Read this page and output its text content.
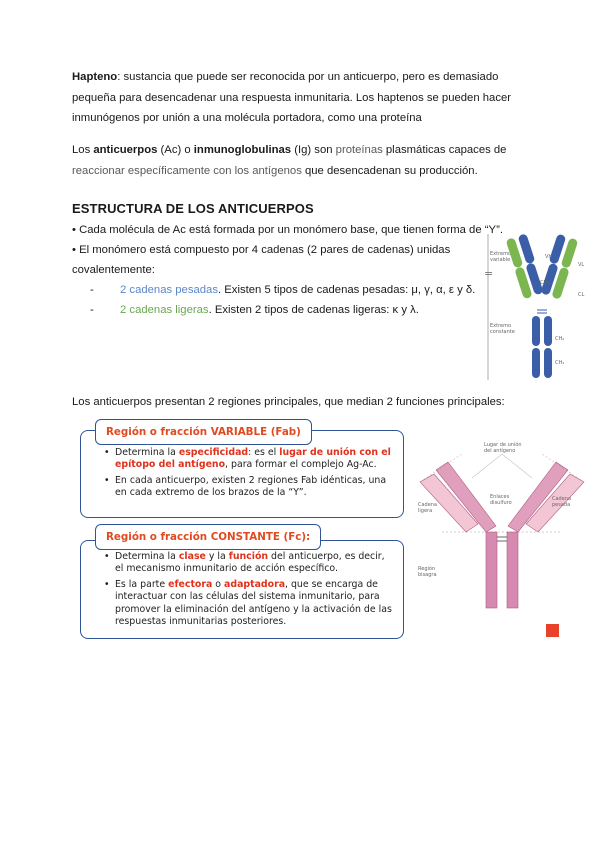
Hapteno: sustancia que puede ser reconocida por un anticuerpo, pero es demasiado
pequeña para desencadenar una respuesta inmunitaria. Los haptenos se pueden hacer
inmunógenos por unión a una molécula portadora, como una proteína

Los anticuerpos (Ac) o inmunoglobulinas (Ig) son proteínas plasmáticas capaces de
reaccionar específicamente con los antígenos que desencadenan su producción.

ESTRUCTURA DE LOS ANTICUERPOS
• Cada molécula de Ac está formada por un monómero base, que tienen forma de “Y”.
• El monómero está compuesto por 4 cadenas (2 pares de cadenas) unidas
covalentemente:
- 2 cadenas pesadas. Existen 5 tipos de cadenas pesadas: μ, γ, α, ε y δ.
- 2 cadenas ligeras. Existen 2 tipos de cadenas ligeras: κ y λ.
Extremo
variable
Extremo
constante
=
VH
VL
CH₁
CL
CH₂
CH₃

Los anticuerpos presentan 2 regiones principales, que median 2 funciones principales:

• Determina la especificidad: es el lugar de unión con el epítopo del antígeno, para formar el complejo Ag-Ac.
• En cada anticuerpo, existen 2 regiones Fab idénticas, una en cada extremo de los brazos de la “Y”.
Región o fracción VARIABLE (Fab)
• Determina la clase y la función del anticuerpo, es decir, el mecanismo inmunitario de acción específico.
• Es la parte efectora o adaptadora, que se encarga de interactuar con las células del sistema inmunitario, para promover la eliminación del antígeno y la activación de las respuestas inmunitarias posteriores.
Región o fracción CONSTANTE (Fc):
Lugar de unión
del antígeno
Enlaces
disulfuro
Cadena
ligera
Región
bisagra
Cadena
pesada
